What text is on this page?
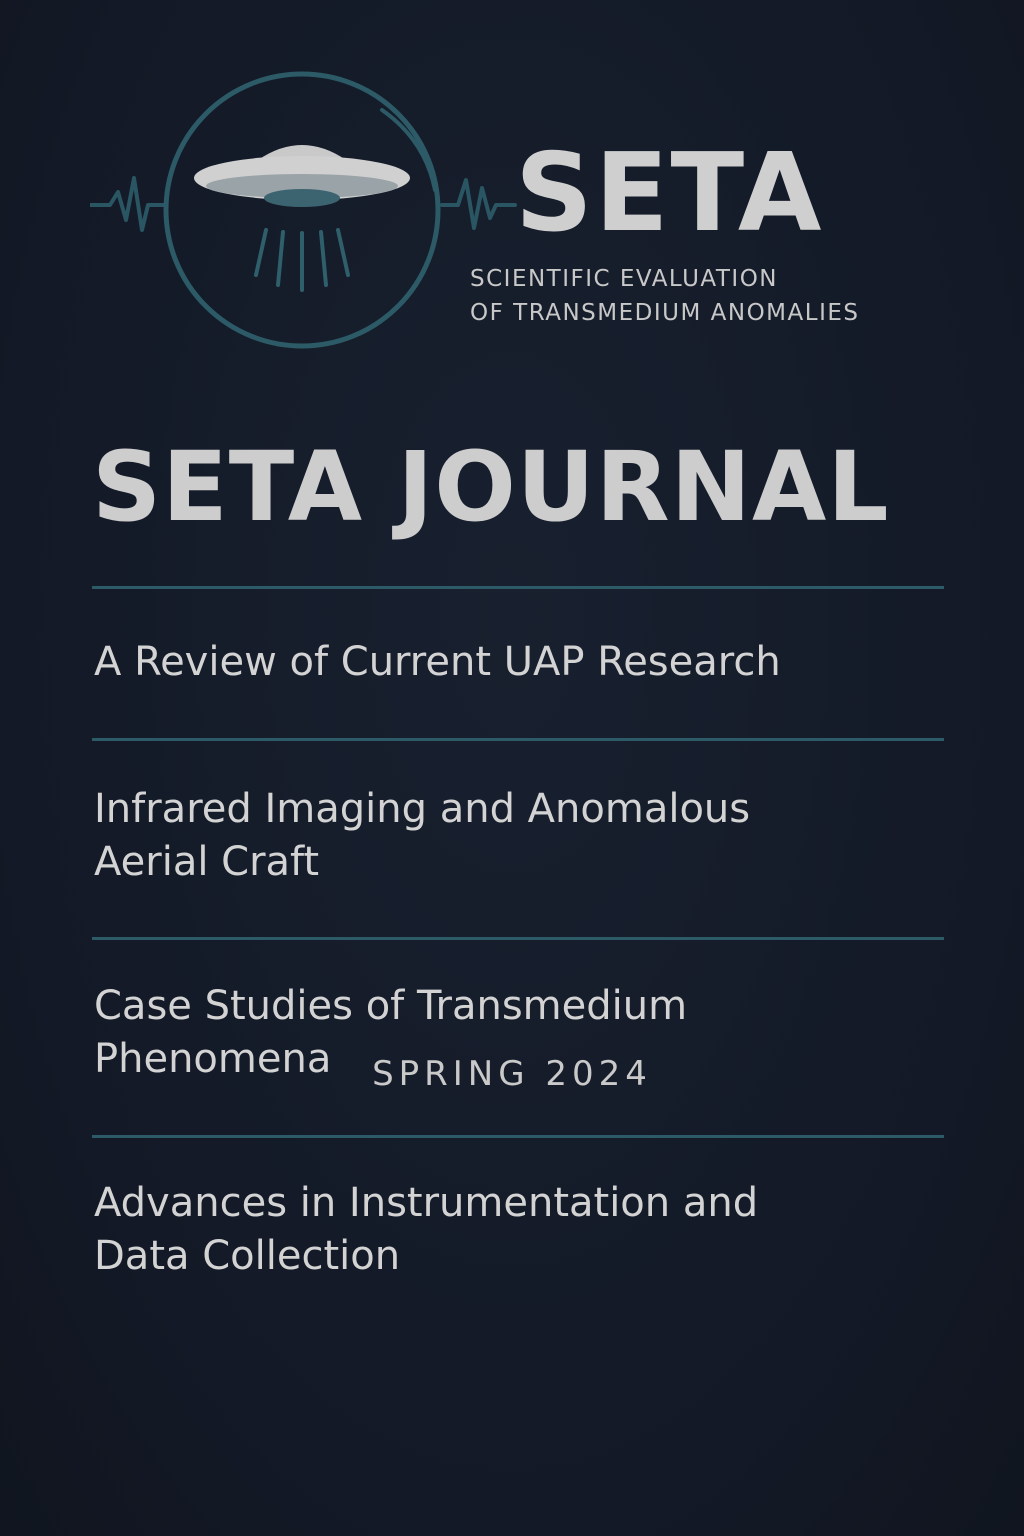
SETA
SCIENTIFIC EVALUATION
OF TRANSMEDIUM ANOMALIES
SETA JOURNAL

A Review of Current UAP Research

Infrared Imaging and Anomalous Aerial Craft

Case Studies of Transmedium Phenomena

Advances in Instrumentation and Data Collection

SPRING 2024
